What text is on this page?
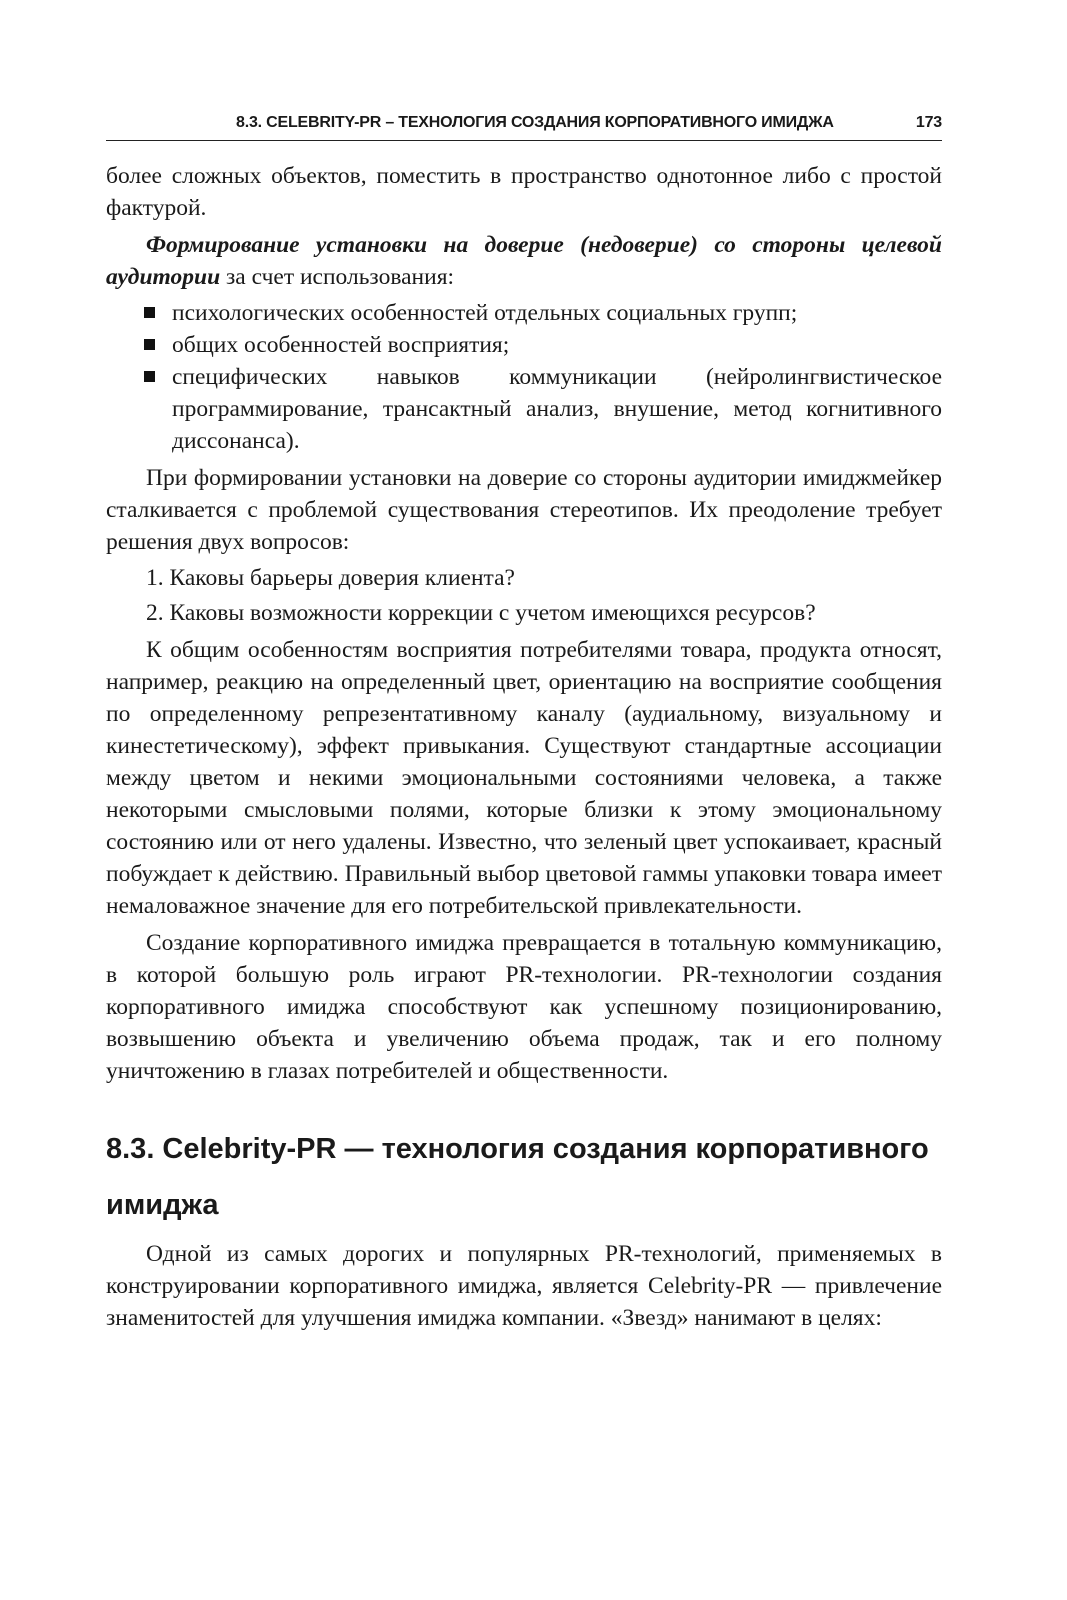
8.3. CELEBRITY-PR – ТЕХНОЛОГИЯ СОЗДАНИЯ КОРПОРАТИВНОГО ИМИДЖА	173

более сложных объектов, поместить в пространство однотонное либо с простой фактурой.

Формирование установки на доверие (недоверие) со стороны целевой аудитории за счет использования:

психологических особенностей отдельных социальных групп;
общих особенностей восприятия;
специфических навыков коммуникации (нейролингвистическое программирование, трансактный анализ, внушение, метод когнитивного диссонанса).

При формировании установки на доверие со стороны аудитории имиджмейкер сталкивается с проблемой существования стереотипов. Их преодоление требует решения двух вопросов:

1. Каковы барьеры доверия клиента?
2. Каковы возможности коррекции с учетом имеющихся ресурсов?

К общим особенностям восприятия потребителями товара, продукта относят, например, реакцию на определенный цвет, ориентацию на восприятие сообщения по определенному репрезентативному каналу (аудиальному, визуальному и кинестетическому), эффект привыкания. Существуют стандартные ассоциации между цветом и некими эмоциональными состояниями человека, а также некоторыми смысловыми полями, которые близки к этому эмоциональному состоянию или от него удалены. Известно, что зеленый цвет успокаивает, красный побуждает к действию. Правильный выбор цветовой гаммы упаковки товара имеет немаловажное значение для его потребительской привлекательности.

Создание корпоративного имиджа превращается в тотальную коммуникацию, в которой большую роль играют PR-технологии. PR-технологии создания корпоративного имиджа способствуют как успешному позиционированию, возвышению объекта и увеличению объема продаж, так и его полному уничтожению в глазах потребителей и общественности.

8.3. Celebrity-PR — технология создания корпоративного имиджа

Одной из самых дорогих и популярных PR-технологий, применяемых в конструировании корпоративного имиджа, является Celebrity-PR — привлечение знаменитостей для улучшения имиджа компании. «Звезд» нанимают в целях:
